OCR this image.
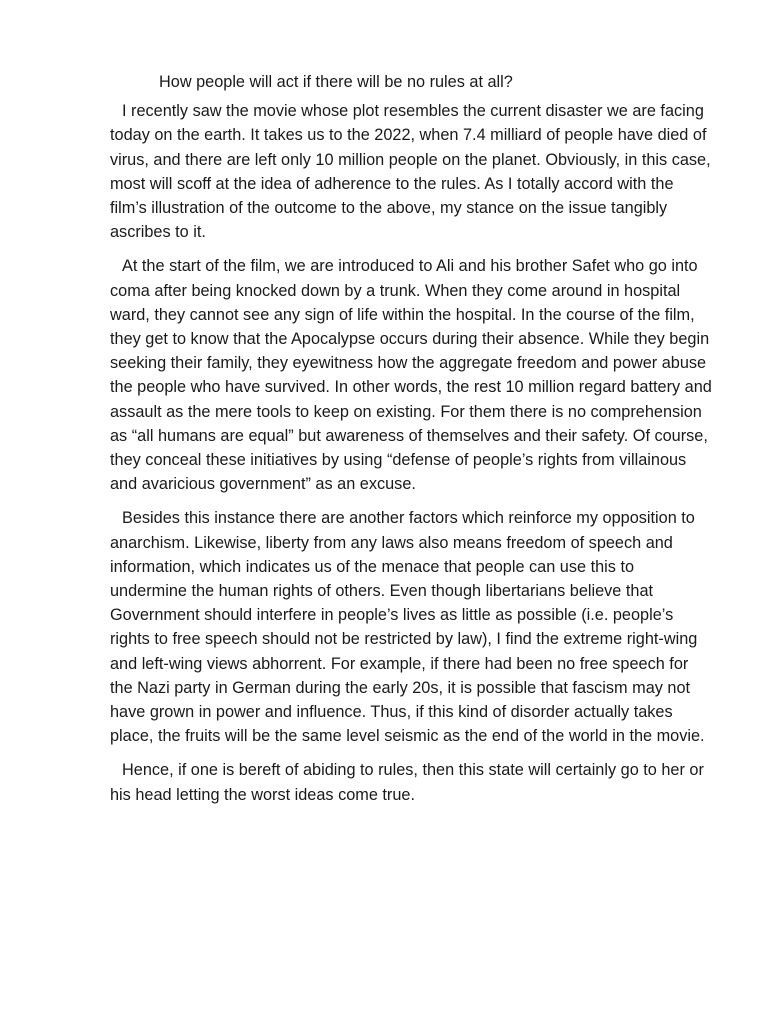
How people will act if there will be no rules at all?

I recently saw the movie whose plot resembles the current disaster we are facing today on the earth. It takes us to the 2022, when 7.4 milliard of people have died of virus, and there are left only 10 million people on the planet. Obviously, in this case, most will scoff at the idea of adherence to the rules. As I totally accord with the film’s illustration of the outcome to the above, my stance on the issue tangibly ascribes to it.

At the start of the film, we are introduced to Ali and his brother Safet who go into coma after being knocked down by a trunk. When they come around in hospital ward, they cannot see any sign of life within the hospital. In the course of the film, they get to know that the Apocalypse occurs during their absence. While they begin seeking their family, they eyewitness how the aggregate freedom and power abuse the people who have survived. In other words, the rest 10 million regard battery and assault as the mere tools to keep on existing. For them there is no comprehension as “all humans are equal” but awareness of themselves and their safety. Of course, they conceal these initiatives by using “defense of people’s rights from villainous and avaricious government” as an excuse.

Besides this instance there are another factors which reinforce my opposition to anarchism. Likewise, liberty from any laws also means freedom of speech and information, which indicates us of the menace that people can use this to undermine the human rights of others. Even though libertarians believe that Government should interfere in people’s lives as little as possible (i.e. people’s rights to free speech should not be restricted by law), I find the extreme right-wing and left-wing views abhorrent. For example, if there had been no free speech for the Nazi party in German during the early 20s, it is possible that fascism may not have grown in power and influence. Thus, if this kind of disorder actually takes place, the fruits will be the same level seismic as the end of the world in the movie.

Hence, if one is bereft of abiding to rules, then this state will certainly go to her or his head letting the worst ideas come true.
